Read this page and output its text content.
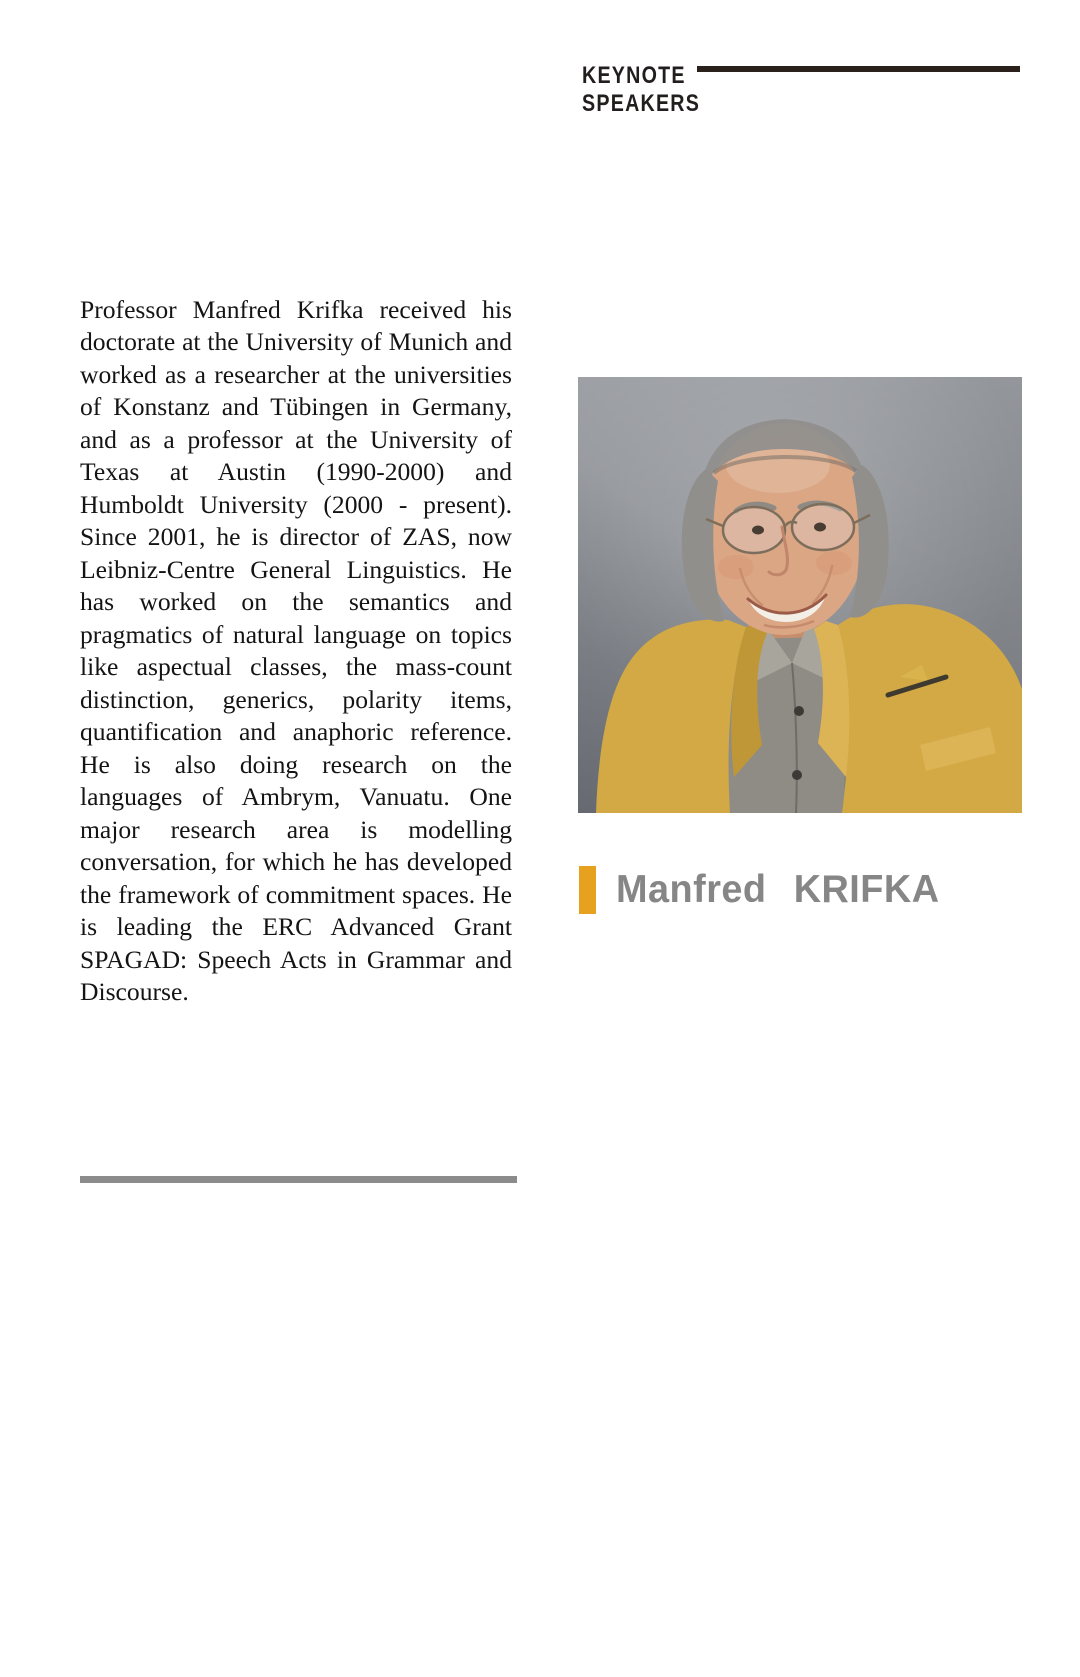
KEYNOTE
SPEAKERS

Professor Manfred Krifka received his doctorate at the University of Munich and worked as a researcher at the universities of Konstanz and Tübingen in Germany, and as a professor at the University of Texas at Austin (1990-2000) and Humboldt University (2000 - present). Since 2001, he is director of ZAS, now Leibniz-Centre General Linguistics. He has worked on the semantics and pragmatics of natural language on topics like aspectual classes, the mass-count distinction, generics, polarity items, quantification and anaphoric reference. He is also doing research on the languages of Ambrym, Vanuatu. One major research area is modelling conversation, for which he has developed the framework of commitment spaces. He is leading the ERC Advanced Grant SPAGAD: Speech Acts in Grammar and Discourse.

Manfred KRIFKA
